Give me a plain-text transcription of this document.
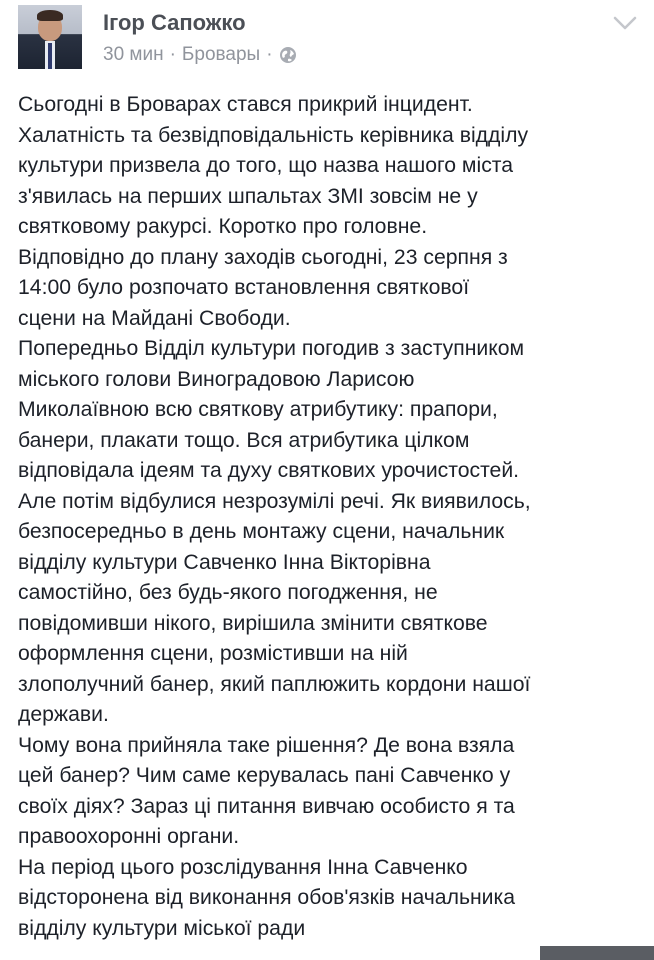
Ігор Сапожко
30 мин · Бровары ·

Сьогодні в Броварах стався прикрий інцидент.
Халатність та безвідповідальність керівника відділу
культури призвела до того, що назва нашого міста
з'явилась на перших шпальтах ЗМІ зовсім не у
святковому ракурсі. Коротко про головне.
Відповідно до плану заходів сьогодні, 23 серпня з
14:00 було розпочато встановлення святкової
сцени на Майдані Свободи.

Попередньо Відділ культури погодив з заступником
міського голови Виноградовою Ларисою
Миколаївною всю святкову атрибутику: прапори,
банери, плакати тощо. Вся атрибутика цілком
відповідала ідеям та духу святкових урочистостей.

Але потім відбулися незрозумілі речі. Як виявилось,
безпосередньо в день монтажу сцени, начальник
відділу культури Савченко Інна Вікторівна
самостійно, без будь-якого погодження, не
повідомивши нікого, вирішила змінити святкове
оформлення сцени, розмістивши на ній
злополучний банер, який паплюжить кордони нашої
держави.

Чому вона прийняла таке рішення? Де вона взяла
цей банер? Чим саме керувалась пані Савченко у
своїх діях? Зараз ці питання вивчаю особисто я та
правоохоронні органи.

На період цього розслідування Інна Савченко
відсторонена від виконання обов'язків начальника
відділу культури міської ради
